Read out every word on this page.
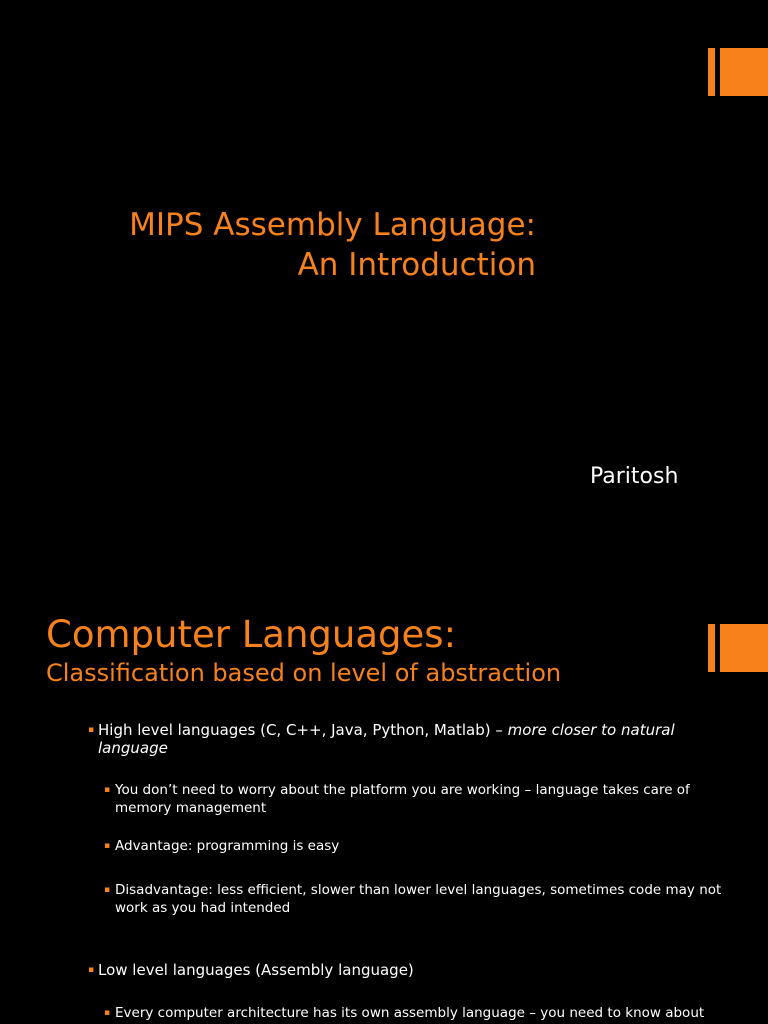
MIPS Assembly Language:
An Introduction
Paritosh
Computer Languages:
Classification based on level of abstraction
▪ High level languages (C, C++, Java, Python, Matlab) – more closer to natural language
▪ You don’t need to worry about the platform you are working – language takes care of memory management
▪ Advantage: programming is easy
▪ Disadvantage: less efficient, slower than lower level languages, sometimes code may not work as you had intended
▪ Low level languages (Assembly language)
▪ Every computer architecture has its own assembly language – you need to know about
